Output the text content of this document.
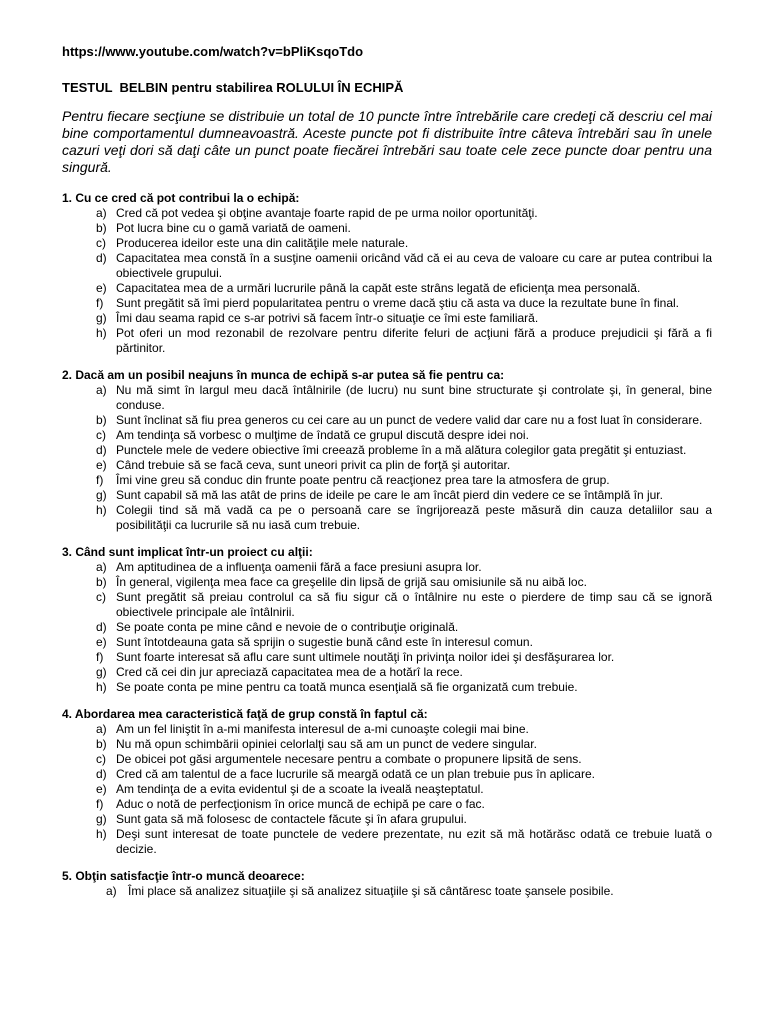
https://www.youtube.com/watch?v=bPliKsqoTdo

TESTUL  BELBIN pentru stabilirea ROLULUI ÎN ECHIPĂ

Pentru fiecare secţiune se distribuie un total de 10 puncte între întrebările care credeţi că descriu cel mai bine comportamentul dumneavoastră. Aceste puncte pot fi distribuite între câteva întrebări sau în unele cazuri veţi dori să daţi câte un punct poate fiecărei întrebări sau toate cele zece puncte doar pentru una singură.

1. Cu ce cred că pot contribui la o echipă:

a) Cred că pot vedea şi obţine avantaje foarte rapid de pe urma noilor oportunităţi.
b) Pot lucra bine cu o gamă variată de oameni.
c) Producerea ideilor este una din calităţile mele naturale.
d) Capacitatea mea constă în a susţine oamenii oricând văd că ei au ceva de valoare cu care ar putea contribui la obiectivele grupului.
e) Capacitatea mea de a urmări lucrurile până la capăt este strâns legată de eficienţa mea personală.
f)	Sunt pregătit să îmi pierd popularitatea pentru o vreme dacă ştiu că asta va duce la rezultate bune în final.
g) Îmi dau seama rapid ce s-ar potrivi să facem într-o situaţie ce îmi este familiară.
h) Pot oferi un mod rezonabil de rezolvare pentru diferite feluri de acţiuni fără a produce prejudicii şi fără a fi părtinitor.

2. Dacă am un posibil neajuns în munca de echipă s-ar putea să fie pentru ca:

a) Nu mă simt în largul meu dacă întâlnirile (de lucru) nu sunt bine structurate şi controlate şi, în general, bine conduse.
b) Sunt înclinat să fiu prea generos cu cei care au un punct de vedere valid dar care nu a fost luat în considerare.
c) Am tendinţa să vorbesc o mulţime de îndată ce grupul discută despre idei noi.
d) Punctele mele de vedere obiective îmi creează probleme în a mă alătura colegilor gata pregătit şi entuziast.
e) Când trebuie să se facă ceva, sunt uneori privit ca plin de forţă şi autoritar.
f)	Îmi vine greu să conduc din frunte poate pentru că reacţionez prea tare la atmosfera de grup.
g) Sunt capabil să mă las atât de prins de ideile pe care le am încât pierd din vedere ce se întâmplă în jur.
h) Colegii tind să mă vadă ca pe o persoană care se îngrijorează peste măsură din cauza detaliilor sau a posibilităţii ca lucrurile să nu iasă cum trebuie.

3. Când sunt implicat într-un proiect cu alţii:

a) Am aptitudinea de a influenţa oamenii fără a face presiuni asupra lor.
b) În general, vigilenţa mea face ca greşelile din lipsă de grijă sau omisiunile să nu aibă loc.
c) Sunt pregătit să preiau controlul ca să fiu sigur că o întâlnire nu este o pierdere de timp sau că se ignoră obiectivele principale ale întâlnirii.
d) Se poate conta pe mine când e nevoie de o contribuţie originală.
e) Sunt întotdeauna gata să sprijin o sugestie bună când este în interesul comun.
f)	Sunt foarte interesat să aflu care sunt ultimele noutăţi în privinţa noilor idei şi desfăşurarea lor.
g) Cred că cei din jur apreciază capacitatea mea de a hotărî la rece.
h) Se poate conta pe mine pentru ca toată munca esenţială să fie organizată cum trebuie.

4. Abordarea mea caracteristică faţă de grup constă în faptul că:

a) Am un fel liniştit în a-mi manifesta interesul de a-mi cunoaşte colegii mai bine.
b) Nu mă opun schimbării opiniei celorlalţi sau să am un punct de vedere singular.
c) De obicei pot găsi argumentele necesare pentru a combate o propunere lipsită de sens.
d) Cred că am talentul de a face lucrurile să meargă odată ce un plan trebuie pus în aplicare.
e) Am tendinţa de a evita evidentul şi de a scoate la iveală neaşteptatul.
f)	Aduc o notă de perfecţionism în orice muncă de echipă pe care o fac.
g) Sunt gata să mă folosesc de contactele făcute şi în afara grupului.
h) Deşi sunt interesat de toate punctele de vedere prezentate, nu ezit să mă hotărăsc odată ce trebuie luată o decizie.

5. Obţin satisfacţie într-o muncă deoarece:

a) Îmi place să analizez situaţiile şi să analizez situaţiile şi să cântăresc toate şansele posibile.
